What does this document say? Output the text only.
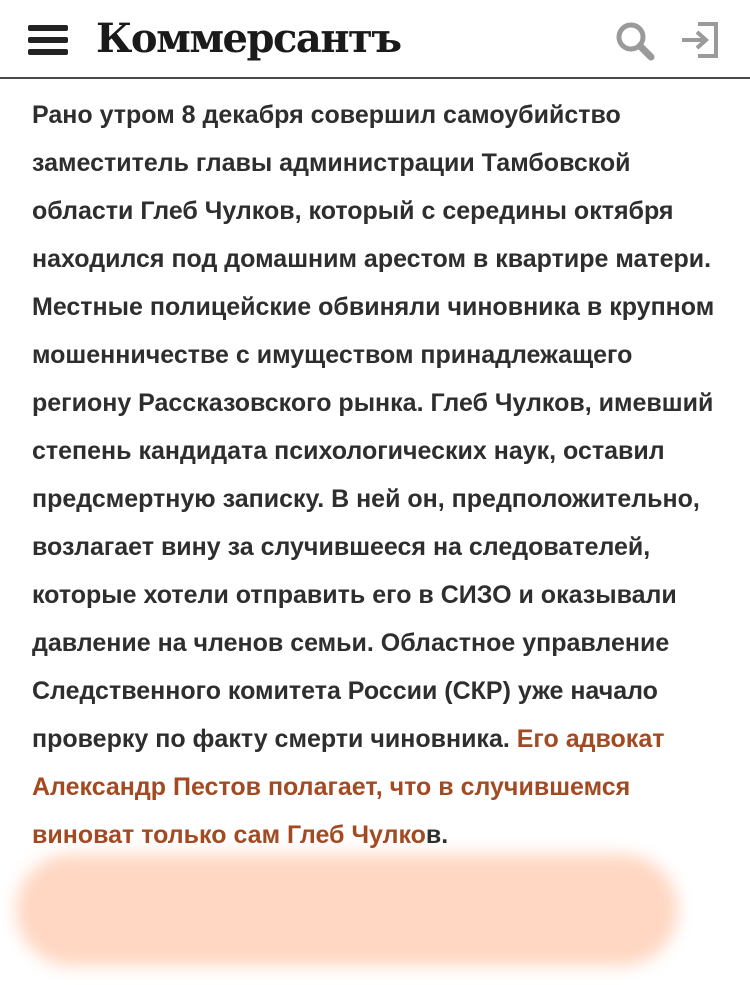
Коммерсантъ

Рано утром 8 декабря совершил самоубийство заместитель главы администрации Тамбовской области Глеб Чулков, который с середины октября находился под домашним арестом в квартире матери. Местные полицейские обвиняли чиновника в крупном мошенничестве с имуществом принадлежащего региону Рассказовского рынка. Глеб Чулков, имевший степень кандидата психологических наук, оставил предсмертную записку. В ней он, предположительно, возлагает вину за случившееся на следователей, которые хотели отправить его в СИЗО и оказывали давление на членов семьи. Областное управление Следственного комитета России (СКР) уже начало проверку по факту смерти чиновника. Его адвокат Александр Пестов полагает, что в случившемся виноват только сам Глеб Чулков.
